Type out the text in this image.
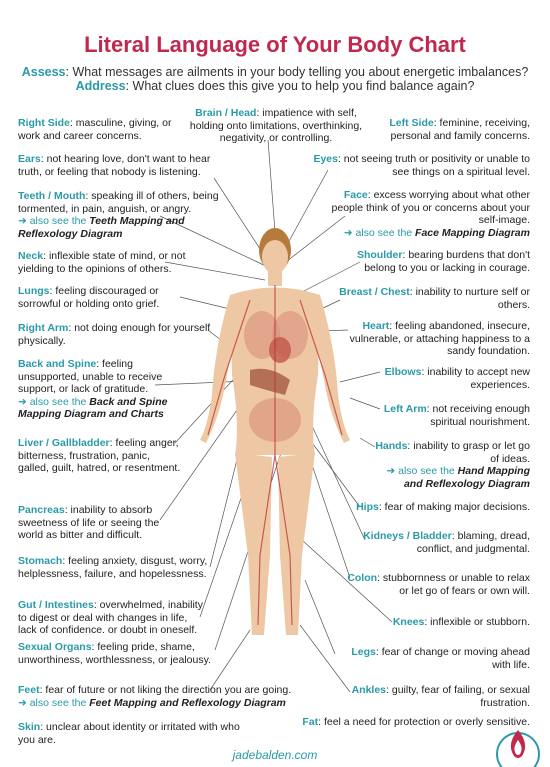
Literal Language of Your Body Chart
Assess: What messages are ailments in your body telling you about energetic imbalances?
Address: What clues does this give you to help you find balance again?
Brain / Head: impatience with self, holding onto limitations, overthinking, negativity, or controlling.
Right Side: masculine, giving, or work and career concerns.
Left Side: feminine, receiving, personal and family concerns.
Ears: not hearing love, don't want to hear truth, or feeling that nobody is listening.
Eyes: not seeing truth or positivity or unable to see things on a spiritual level.
Teeth / Mouth: speaking ill of others, being tormented, in pain, anguish, or angry.
➜ also see the Teeth Mapping and Reflexology Diagram
Face: excess worrying about what other people think of you or concerns about your self-image.
➜ also see the Face Mapping Diagram
Neck: inflexible state of mind, or not yielding to the opinions of others.
Shoulder: bearing burdens that don't belong to you or lacking in courage.
Lungs: feeling discouraged or sorrowful or holding onto grief.
Breast / Chest: inability to nurture self or others.
Right Arm: not doing enough for yourself physically.
Heart: feeling abandoned, insecure, vulnerable, or attaching happiness to a sandy foundation.
Back and Spine: feeling unsupported, unable to receive support, or lack of gratitude.
➜ also see the Back and Spine Mapping Diagram and Charts
Elbows: inability to accept new experiences.
Left Arm: not receiving enough spiritual nourishment.
Liver / Gallbladder: feeling anger, bitterness, frustration, panic, galled, guilt, hatred, or resentment.
Hands: inability to grasp or let go of ideas.
➜ also see the Hand Mapping and Reflexology Diagram
Hips: fear of making major decisions.
Pancreas: inability to absorb sweetness of life or seeing the world as bitter and difficult.	Kidneys / Bladder: blaming, dread, conflict, and judgmental.
Stomach: feeling anxiety, disgust, worry, helplessness, failure, and hopelessness.	Colon: stubbornness or unable to relax or let go of fears or own will.
Gut / Intestines: overwhelmed, inability to digest or deal with changes in life, lack of confidence. or doubt in oneself.
Knees: inflexible or stubborn.
Sexual Organs: feeling pride, shame, unworthiness, worthlessness, or jealousy.
Legs: fear of change or moving ahead with life.
Feet: fear of future or not liking the direction you are going.
➜ also see the Feet Mapping and Reflexology Diagram
Ankles: guilty, fear of failing, or sexual frustration.
Fat: feel a need for protection or overly sensitive.
Skin: unclear about identity or irritated with who you are.
jadebalden.com
